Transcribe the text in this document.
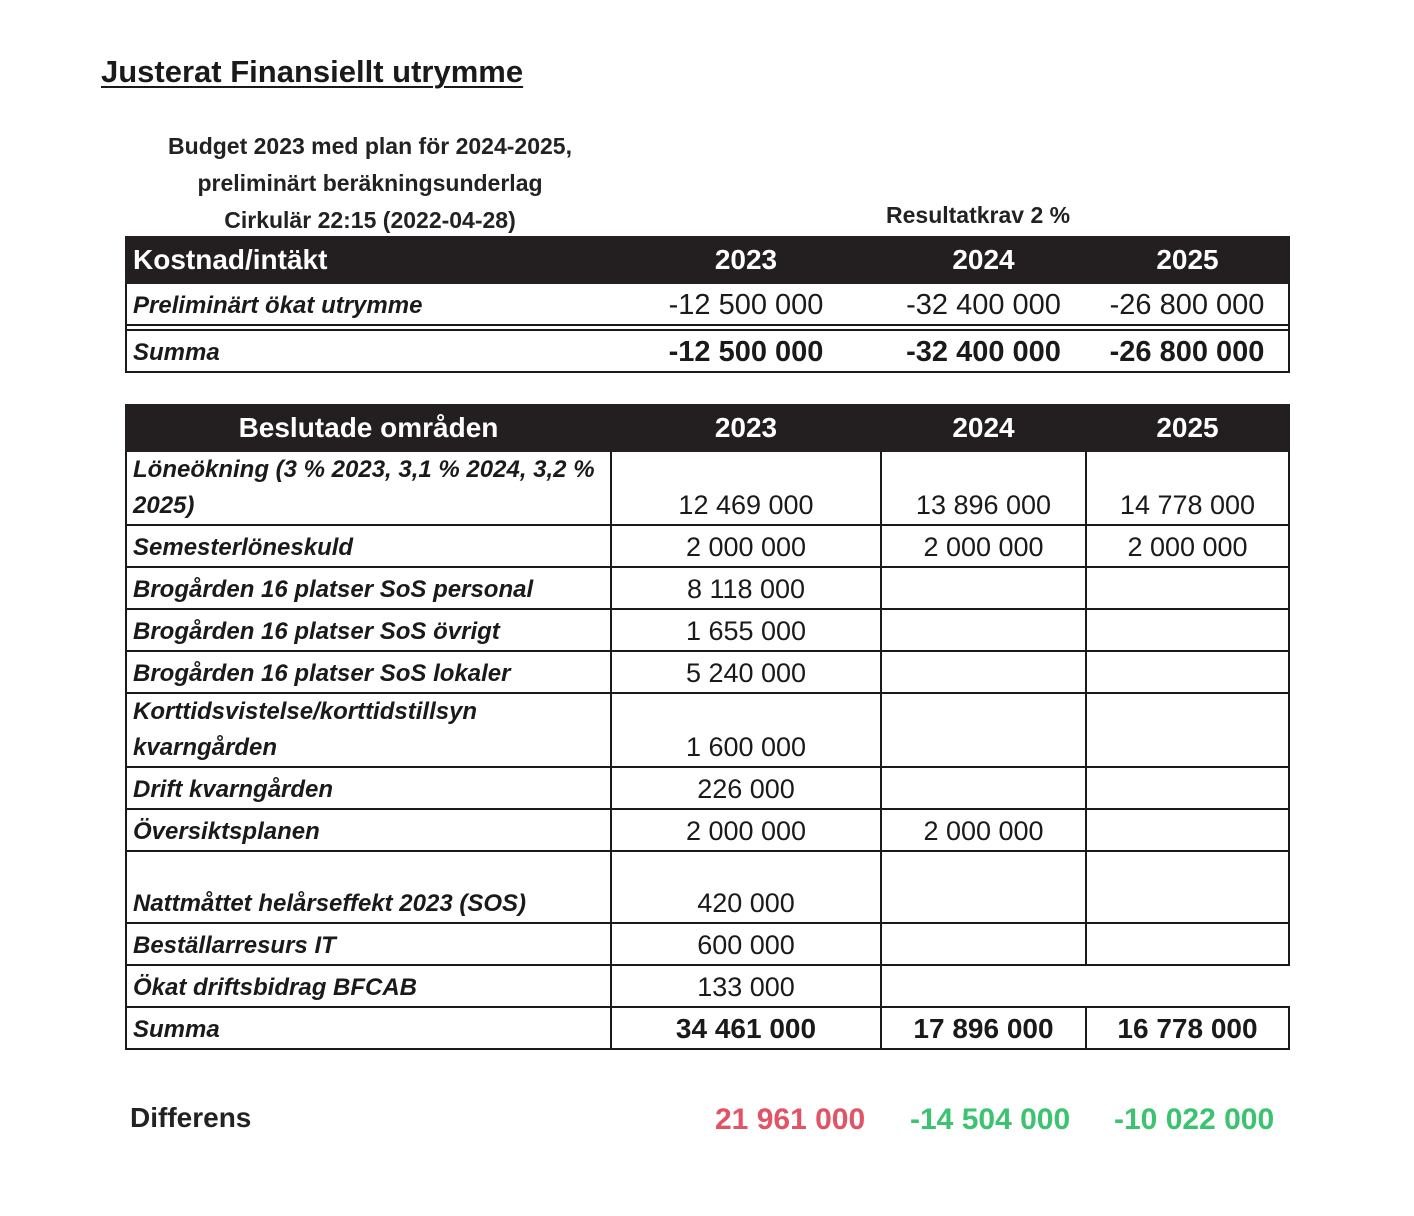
Justerat Finansiellt utrymme
Budget 2023 med plan för 2024-2025,
preliminärt beräkningsunderlag
Cirkulär 22:15 (2022-04-28)	Resultatkrav 2 %
Kostnad/intäkt	2023	2024	2025
Preliminärt ökat utrymme	-12 500 000	-32 400 000	-26 800 000

Summa	-12 500 000	-32 400 000	-26 800 000
Beslutade områden	2023	2024	2025
Löneökning (3 % 2023, 3,1 % 2024, 3,2 % 2025)	12 469 000	13 896 000	14 778 000
Semesterlöneskuld	2 000 000	2 000 000	2 000 000
Brogården 16 platser SoS personal	8 118 000		
Brogården 16 platser SoS övrigt	1 655 000		
Brogården 16 platser SoS lokaler	5 240 000		
Korttidsvistelse/korttidstillsyn kvarngården	1 600 000		
Drift kvarngården	226 000		
Översiktsplanen	2 000 000	2 000 000	
Nattmåttet helårseffekt 2023 (SOS)	420 000		
Beställarresurs IT	600 000		
Ökat driftsbidrag BFCAB	133 000		
Summa	34 461 000	17 896 000	16 778 000
Differens	21 961 000 -14 504 000 -10 022 000
